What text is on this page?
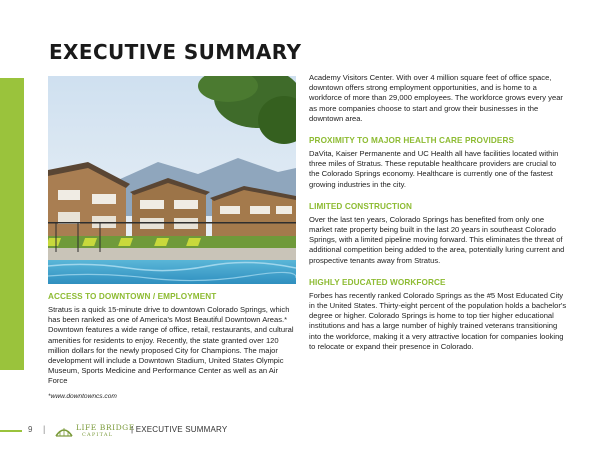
EXECUTIVE SUMMARY
ACCESS TO DOWNTOWN / EMPLOYMENT
Stratus is a quick 15-minute drive to downtown Colorado Springs, which has been ranked as one of America's Most Beautiful Downtown Areas.* Downtown features a wide range of office, retail, restaurants, and cultural amenities for residents to enjoy. Recently, the state granted over 120 million dollars for the newly proposed City for Champions. The major development will include a Downtown Stadium, United States Olympic Museum, Sports Medicine and Performance Center as well as an Air Force
*www.downtowncs.com
Academy Visitors Center. With over 4 million square feet of office space, downtown offers strong employment opportunities, and is home to a workforce of more than 29,000 employees. The workforce grows every year as more companies choose to start and grow their businesses in the downtown area.
PROXIMITY TO MAJOR HEALTH CARE PROVIDERS
DaVita, Kaiser Permanente and UC Health all have facilities located within three miles of Stratus. These reputable healthcare providers are crucial to the Colorado Springs economy. Healthcare is currently one of the fastest growing industries in the city.
LIMITED CONSTRUCTION
Over the last ten years, Colorado Springs has benefited from only one market rate property being built in the last 20 years in southeast Colorado Springs, with a limited pipeline moving forward. This eliminates the threat of additional competition being added to the area, potentially luring current and prospective tenants away from Stratus.
HIGHLY EDUCATED WORKFORCE
Forbes has recently ranked Colorado Springs as the #5 Most Educated City in the United States. Thirty-eight percent of the population holds a bachelor's degree or higher. Colorado Springs is home to top tier higher educational institutions and has a large number of highly trained veterans transitioning into the workforce, making it a very attractive location for companies looking to relocate or expand their presence in Colorado.
9 |	LIFE BRIDGE
CAPITAL
| EXECUTIVE SUMMARY
